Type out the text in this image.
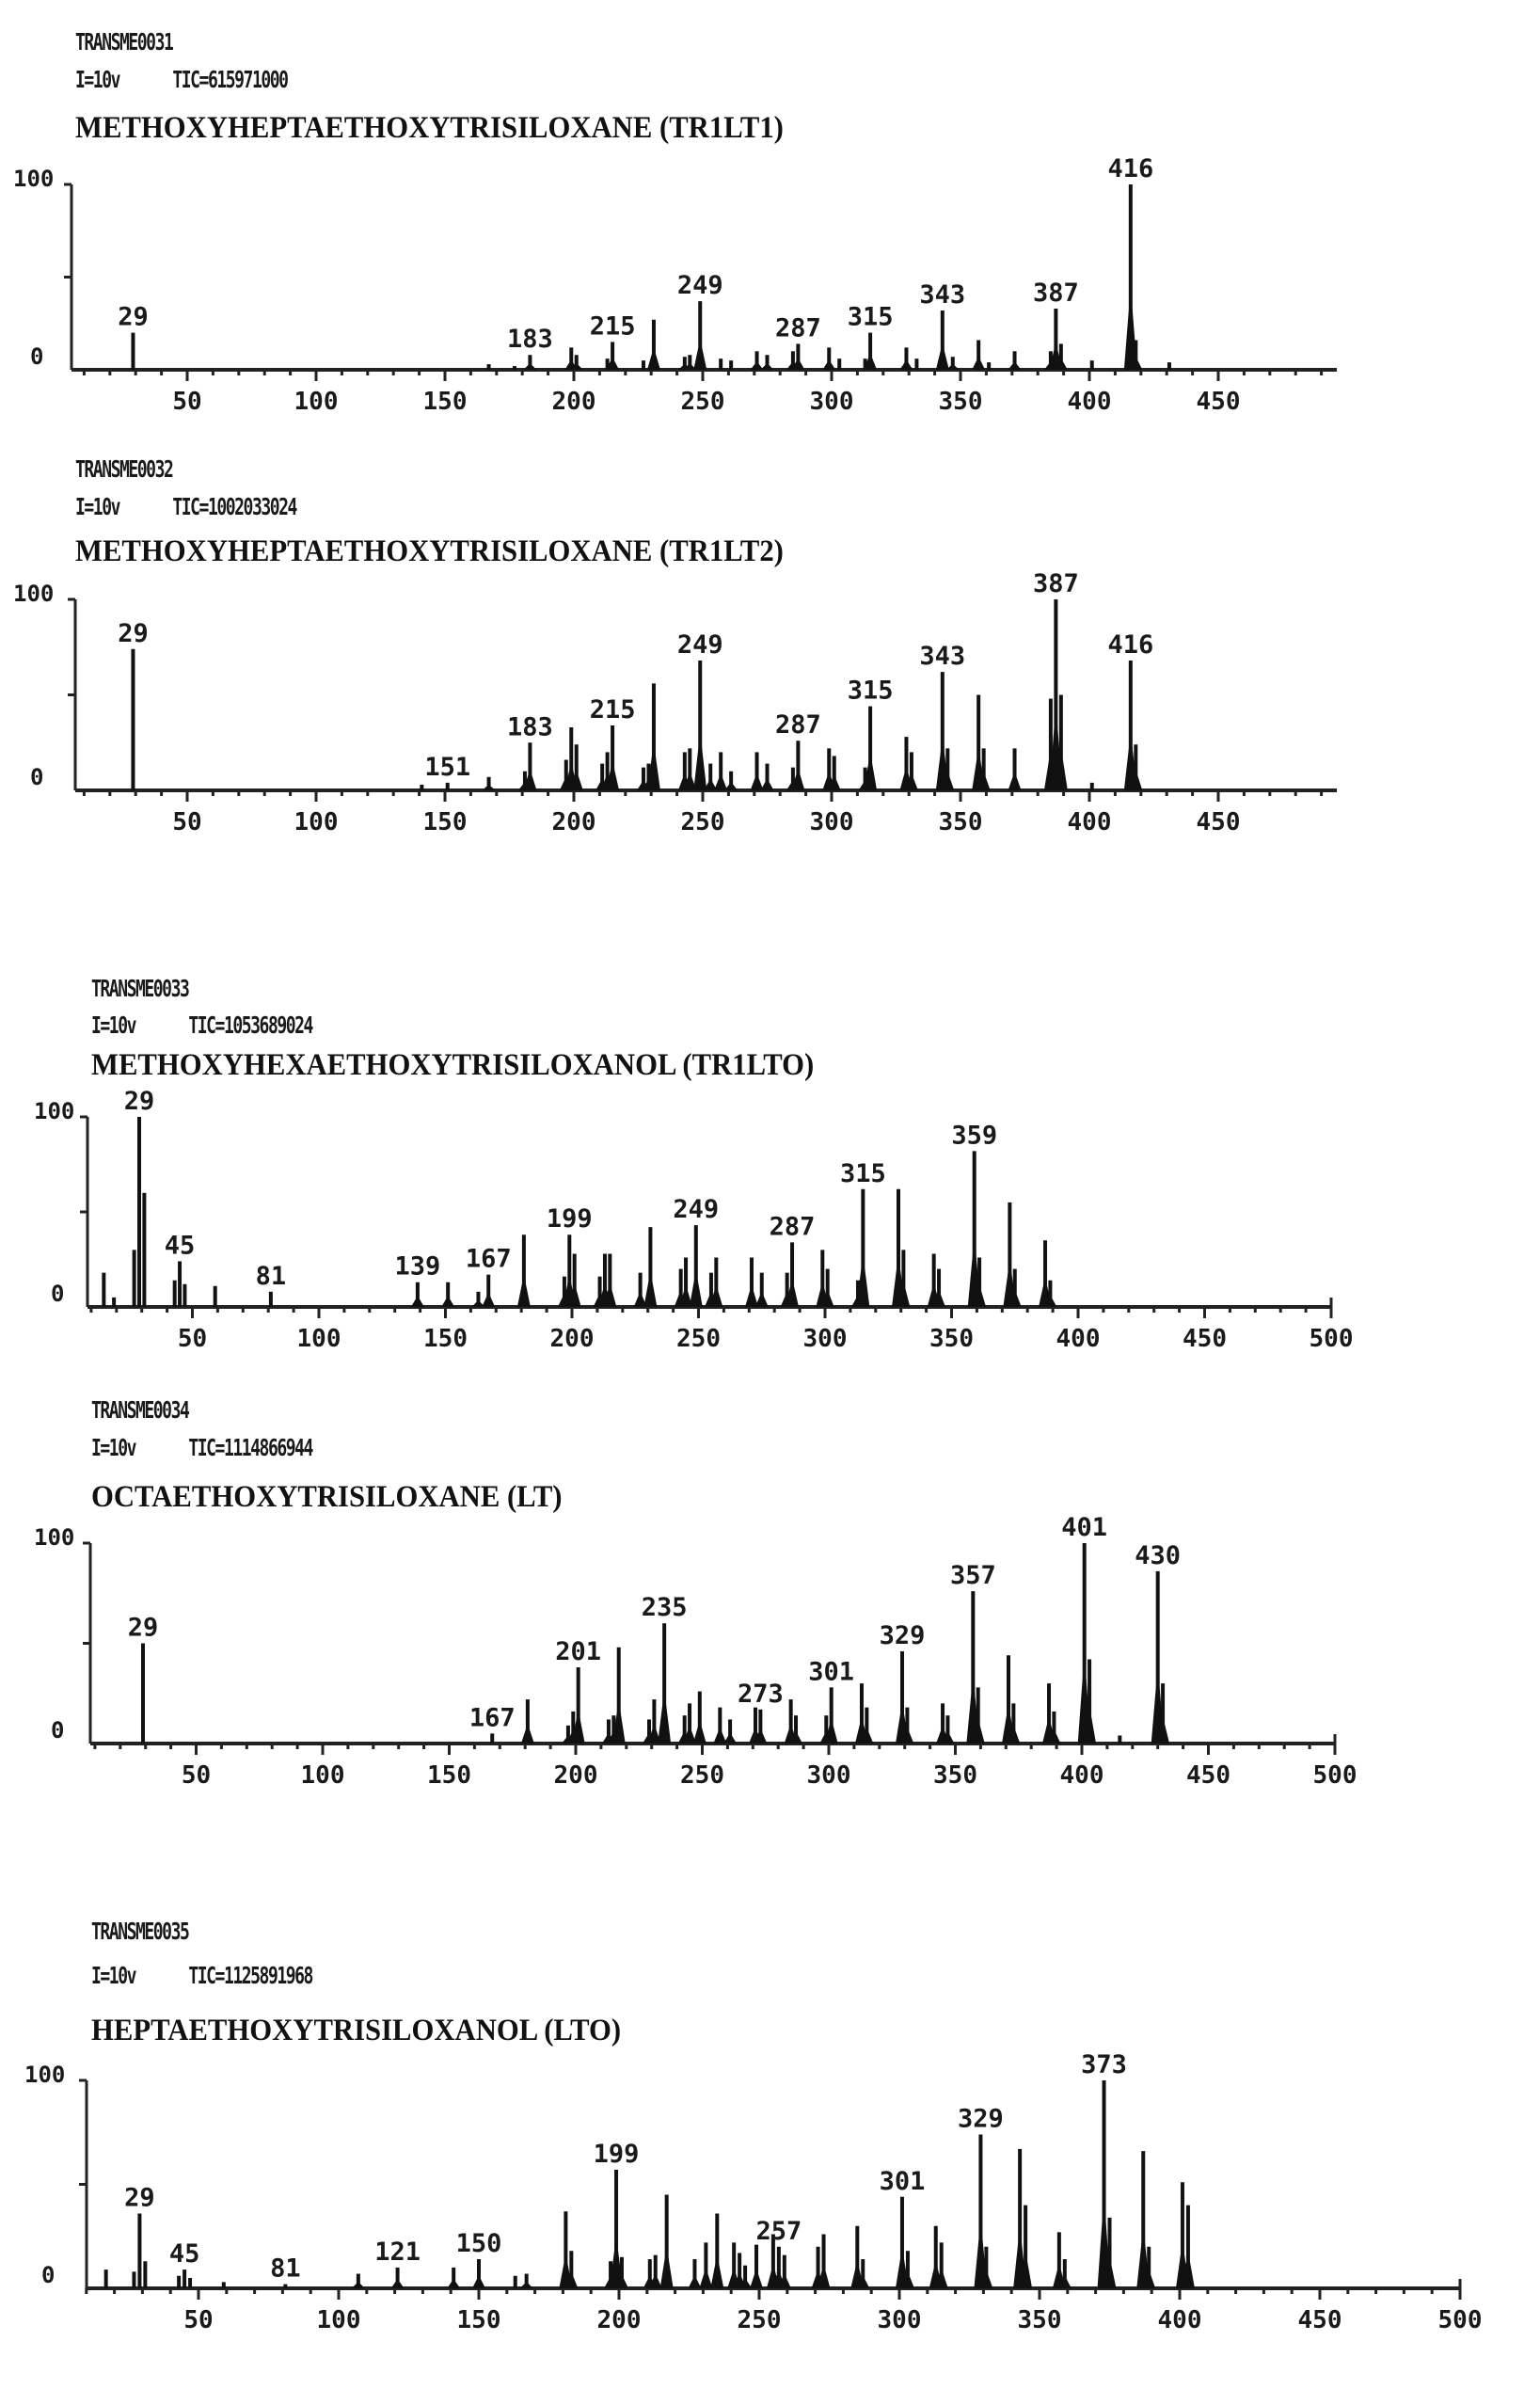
TRANSME0031
I=10v      TIC=615971000
METHOXYHEPTAETHOXYTRISILOXANE (TR1LT1)
100
0
50	100	150	200	250	300	350	400	450
29
183 215
249
287 315
343	387
416
TRANSME0032
I=10v      TIC=1002033024
METHOXYHEPTAETHOXYTRISILOXANE (TR1LT2)
100
0
50	100	150	200	250	300	350	400	450
29
151
183
215
249
287
315
343
387
416
TRANSME0033
I=10v      TIC=1053689024
METHOXYHEXAETHOXYTRISILOXANOL (TR1LTO)
100
0
50	100	150	200	250	300	350	400	450	500
29
45
81	139 167
199	249
287
315
359
TRANSME0034
I=10v      TIC=1114866944
OCTAETHOXYTRISILOXANE (LT)
100
0
50	100	150	200	250	300	350	400	450	500
29
167
201
235
273
301
329
357
401
430
TRANSME0035
I=10v      TIC=1125891968
HEPTAETHOXYTRISILOXANOL (LTO)
100
0
50	100	150	200	250	300	350	400	450	500
29
45	81
121 150
199
257
301
329
373
